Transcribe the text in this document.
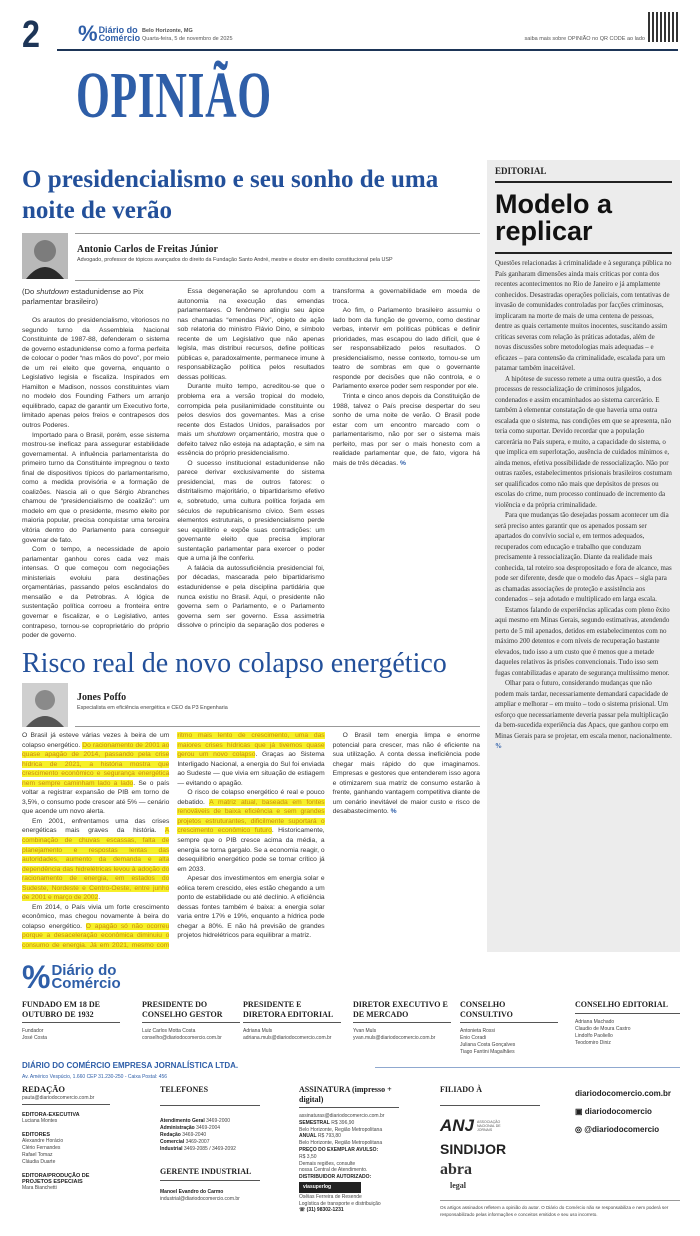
2 % Diário do
Comércio
Belo Horizonte, MG
Quarta-feira, 5 de novembro de 2025	saiba mais sobre OPINIÃO no QR CODE ao lado
OPINIÃO
O presidencialismo e seu sonho de uma noite de verão
Antonio Carlos de Freitas Júnior
Advogado, professor de tópicos avançados do direito da Fundação Santo André, mestre e doutor em direito constitucional pela USP

(Do shutdown estadunidense ao Pix parlamentar brasileiro)

Os arautos do presidencialismo, vitoriosos no segundo turno da Assembleia Nacional Constituinte de 1987-88, defenderam o sistema de governo estadunidense como a forma perfeita de colocar o poder “nas mãos do povo”, por meio de um rei eleito que governa, enquanto o Legislativo legisla e fiscaliza. Inspirados em Hamilton e Madison, nossos constituintes viam no modelo dos Founding Fathers um arranjo equilibrado, capaz de garantir um Executivo forte, limitado apenas pelos freios e contrapesos dos outros Poderes.

Importado para o Brasil, porém, esse sistema mostrou-se ineficaz para assegurar estabilidade governamental. A influência parlamentarista do primeiro turno da Constituinte impregnou o texto final de dispositivos típicos do parlamentarismo, como a medida provisória e a formação de coalizões. Nascia ali o que Sérgio Abranches chamou de “presidencialismo de coalizão”: um modelo em que o presidente, mesmo eleito por maioria popular, precisa conquistar uma terceira vitória dentro do Parlamento para conseguir governar de fato.

Com o tempo, a necessidade de apoio parlamentar ganhou cores cada vez mais intensas. O que começou com negociações ministeriais evoluiu para destinações orçamentárias, passando pelos escândalos do mensalão e da Petrobras. A lógica de sustentação política corroeu a fronteira entre governar e fiscalizar, e o Legislativo, antes contrapeso, tornou-se coproprietário do próprio poder de governo.

Essa degeneração se aprofundou com a autonomia na execução das emendas parlamentares. O fenômeno atingiu seu ápice nas chamadas “emendas Pix”, objeto de ação sob relatoria do ministro Flávio Dino, e símbolo recente de um Legislativo que não apenas legisla, mas distribui recursos, define políticas públicas e, paradoxalmente, permanece imune à responsabilização política pelos resultados dessas políticas.

Durante muito tempo, acreditou-se que o problema era a versão tropical do modelo, corrompida pela pusilanimidade constituinte ou pelos desvios dos governantes. Mas a crise recente dos Estados Unidos, paralisados por mais um shutdown orçamentário, mostra que o defeito talvez não esteja na adaptação, e sim na essência do próprio presidencialismo.

O sucesso institucional estadunidense não parece derivar exclusivamente do sistema presidencial, mas de outros fatores: o distritalismo majoritário, o bipartidarismo efetivo e, sobretudo, uma cultura política forjada em séculos de republicanismo cívico. Sem esses elementos estruturais, o presidencialismo perde seu equilíbrio e expõe suas contradições: um governante eleito que precisa implorar sustentação parlamentar para exercer o poder que a urna já lhe conferiu.

A falácia da autossuficiência presidencial foi, por décadas, mascarada pelo bipartidarismo estadunidense e pela disciplina partidária que nunca existiu no Brasil. Aqui, o presidente não governa sem o Parlamento, e o Parlamento governa sem ser governo. Essa assimetria dissolve o princípio da separação dos poderes e transforma a governabilidade em moeda de troca.

Ao fim, o Parlamento brasileiro assumiu o lado bom da função de governo, como destinar verbas, intervir em políticas públicas e definir prioridades, mas escapou do lado difícil, que é ser responsabilizado pelos resultados. O presidencialismo, nesse contexto, tornou-se um teatro de sombras em que o governante responde por decisões que não controla, e o Parlamento exerce poder sem responder por ele.

Trinta e cinco anos depois da Constituição de 1988, talvez o País precise despertar do seu sonho de uma noite de verão. O Brasil pode estar com um encontro marcado com o parlamentarismo, não por ser o sistema mais perfeito, mas por ser o mais honesto com a realidade parlamentar que, de fato, vigora há mais de três décadas. %

Risco real de novo colapso energético
Jones Poffo
Especialista em eficiência energética e CEO da P3 Engenharia

O Brasil já esteve várias vezes à beira de um colapso energético. Do racionamento de 2001 ao quase apagão de 2014, passando pela crise hídrica de 2021, a história mostra que crescimento econômico e segurança energética nem sempre caminham lado a lado. Se o país voltar a registrar expansão de PIB em torno de 3,5%, o consumo pode crescer até 5% — cenário que acende um novo alerta.

Em 2001, enfrentamos uma das crises energéticas mais graves da história. A combinação de chuvas escassas, falta de planejamento e respostas lentas das autoridades, aumento da demanda e alta dependência das hidrelétricas levou à adoção do racionamento de energia, em estados do Sudeste, Nordeste e Centro-Oeste, entre junho de 2001 e março de 2002.

Em 2014, o País vivia um forte crescimento econômico, mas chegou novamente à beira do colapso energético. O apagão só não ocorreu porque a desaceleração econômica diminuiu o consumo de energia. Já em 2021, mesmo com ritmo mais lento de crescimento, uma das maiores crises hídricas que já tivemos quase gerou um novo colapso. Graças ao Sistema Interligado Nacional, a energia do Sul foi enviada ao Sudeste — que vivia em situação de estiagem — evitando o apagão.

O risco de colapso energético é real e pouco debatido. A matriz atual, baseada em fontes renováveis de baixa eficiência e sem grandes projetos estruturantes, dificilmente suportará o crescimento econômico futuro. Historicamente, sempre que o PIB cresce acima da média, a energia se torna gargalo. Se a economia reagir, o desequilíbrio energético pode se tornar crítico já em 2033.

Apesar dos investimentos em energia solar e eólica terem crescido, eles estão chegando a um ponto de estabilidade ou até declínio. A eficiência dessas fontes também é baixa: a energia solar varia entre 17% e 19%, enquanto a hídrica pode chegar a 80%. E não há previsão de grandes projetos hidrelétricos para equilibrar a matriz.

O Brasil tem energia limpa e enorme potencial para crescer, mas não é eficiente na sua utilização. A conta dessa ineficiência pode chegar mais rápido do que imaginamos. Empresas e gestores que entenderem isso agora e otimizarem sua matriz de consumo estarão à frente, ganhando vantagem competitiva diante de um cenário inevitável de maior custo e risco de desabastecimento. %

EDITORIAL
Modelo a replicar

Questões relacionadas à criminalidade e à segurança pública no País ganharam dimensões ainda mais críticas por conta dos recentes acontecimentos no Rio de Janeiro e já amplamente conhecidos. Desastradas operações policiais, com tentativas de invasão de comunidades controladas por facções criminosas, implicaram na morte de mais de uma centena de pessoas, dentre as quais certamente muitos inocentes, suscitando assim críticas severas com relação às práticas adotadas, além de novas discussões sobre metodologias mais adequadas – e eficazes – para contensão da criminalidade, escalada para um patamar também inaceitável.

A hipótese de sucesso remete a uma outra questão, a dos processos de ressocialização de criminosos julgados, condenados e assim encaminhados ao sistema carcerário. E também à elementar constatação de que haveria uma outra escalada que o sistema, nas condições em que se apresenta, não teria como suportar. Devido recordar que a população carcerária no País supera, e muito, a capacidade do sistema, o que implica em superlotação, ausência de cuidados mínimos e, ainda menos, efetiva possibilidade de ressocialização. Não por outras razões, estabelecimentos prisionais brasileiros costumam ser qualificados como não mais que depósitos de presos ou escolas do crime, num processo continuado de incremento da violência e da própria criminalidade.

Para que mudanças tão desejadas possam acontecer um dia será preciso antes garantir que os apenados possam ser apartados do convívio social e, em termos adequados, recuperados com educação e trabalho que conduzam precisamente à ressocialização. Diante da realidade mais conhecida, tal roteiro soa despropositado e fora de alcance, mas pode ser diferente, desde que o modelo das Apacs – sigla para as chamadas associações de proteção e assistência aos condenados – seja adotado e multiplicado em larga escala.

Estamos falando de experiências aplicadas com pleno êxito aqui mesmo em Minas Gerais, segundo estimativas, atendendo perto de 5 mil apenados, detidos em estabelecimentos com no máximo 200 detentos e com níveis de recuperação bastante elevados, tudo isso a um custo que é menos que a metade daqueles relativos às prisões convencionais. Tudo isso sem fugas contabilizadas e aparato de segurança multíssimo menor.

Olhar para o futuro, considerando mudanças que não podem mais tardar, necessariamente demandará capacidade de ampliar e melhorar – em muito – todo o sistema prisional. Um esforço que necessariamente deveria passar pela multiplicação da bem-sucedida experiência das Apacs, que ganhou corpo em Minas Gerais para se projetar, em escala menor, nacionalmente. %

% Diário do
Comércio
FUNDADO EM 18 DE OUTUBRO DE 1932
Fundador
José Costa
PRESIDENTE DO CONSELHO GESTOR
Luiz Carlos Motta Costa
conselho@diariodocomercio.com.br
PRESIDENTE E DIRETORA EDITORIAL
Adriana Muls
adriana.muls@diariodocomercio.com.br
DIRETOR EXECUTIVO E DE MERCADO
Yvan Muls
yvan.muls@diariodocomercio.com.br
CONSELHO CONSULTIVO
Antonieta Rossi
Enio Coradi
Juliana Costa Gonçalves
Tiago Fantini Magalhães
CONSELHO EDITORIAL
Adriana Machado
Claudio de Moura Castro
Lindolfo Paoliello
Teodomiro Diniz
DIÁRIO DO COMÉRCIO EMPRESA JORNALÍSTICA LTDA.
Av. Américo Vespúcio, 1.660 CEP 31.230-250 - Caixa Postal: 456
REDAÇÃO
pauta@diariodocomercio.com.br
EDITORA-EXECUTIVA
Luciana Montes
EDITORES
Alexandre Horácio
Clério Fernandes
Rafael Tomaz
Cláudia Duarte
EDITORA/PRODUÇÃO DE PROJETOS ESPECIAIS
Mara Bianchetti
TELEFONES
Atendimento Geral 3469-2000
Administração 3469-2004
Redação 3469-2040
Comercial 3469-2007
Industrial 3469-2085 / 3469-2092
GERENTE INDUSTRIAL
Manoel Evandro do Carmo
industrial@diariodocomercio.com.br
ASSINATURA (impresso + digital)
assinaturas@diariodocomercio.com.br
SEMESTRAL R$ 396,90
Belo Horizonte, Região Metropolitana
ANUAL R$ 793,80
Belo Horizonte, Região Metropolitana
PREÇO DO EXEMPLAR AVULSO:
R$ 3,50
Demais regiões, consulte
nossa Central de Atendimento.
DISTRIBUIDOR AUTORIZADO:
viasuperlog
Osêias Ferreira de Resende
Logística de transporte e distribuição
☏ (31) 98302-1231
FILIADO À
ANJ ASSOCIAÇÃO NACIONAL DE JORNAIS
SINDIJOR
abra
legal
diariodocomercio.com.br
▣ diariodocomercio
◎ @diariodocomercio
Os artigos assinados refletem a opinião do autor. O Diário do Comércio não se responsabiliza e nem poderá ser responsabilizado pelas informações e conceitos emitidos e seu uso incorreto.
